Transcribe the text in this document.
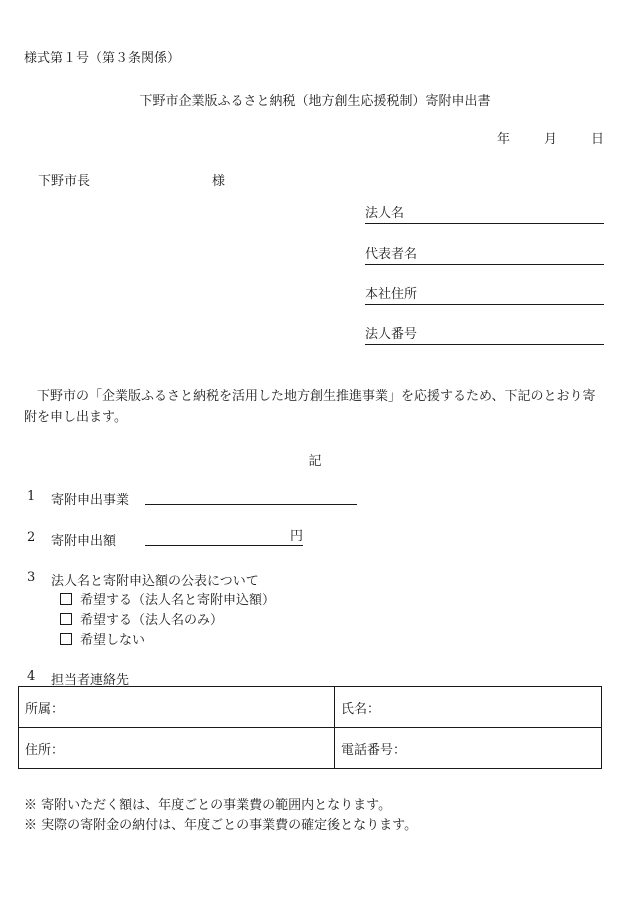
様式第１号（第３条関係）
下野市企業版ふるさと納税（地方創生応援税制）寄附申出書
年	月	日
下野市長	様
法人名
代表者名
本社住所
法人番号
下野市の「企業版ふるさと納税を活用した地方創生推進事業」を応援するため、下記のとおり寄附を申し出ます。
記
1 寄附申出事業
2 寄附申出額	円
3 法人名と寄附申込額の公表について
希望する（法人名と寄附申込額）
希望する（法人名のみ）
希望しない
4 担当者連絡先
所属：	氏名：
住所：	電話番号：
※ 寄附いただく額は、年度ごとの事業費の範囲内となります。
※ 実際の寄附金の納付は、年度ごとの事業費の確定後となります。
